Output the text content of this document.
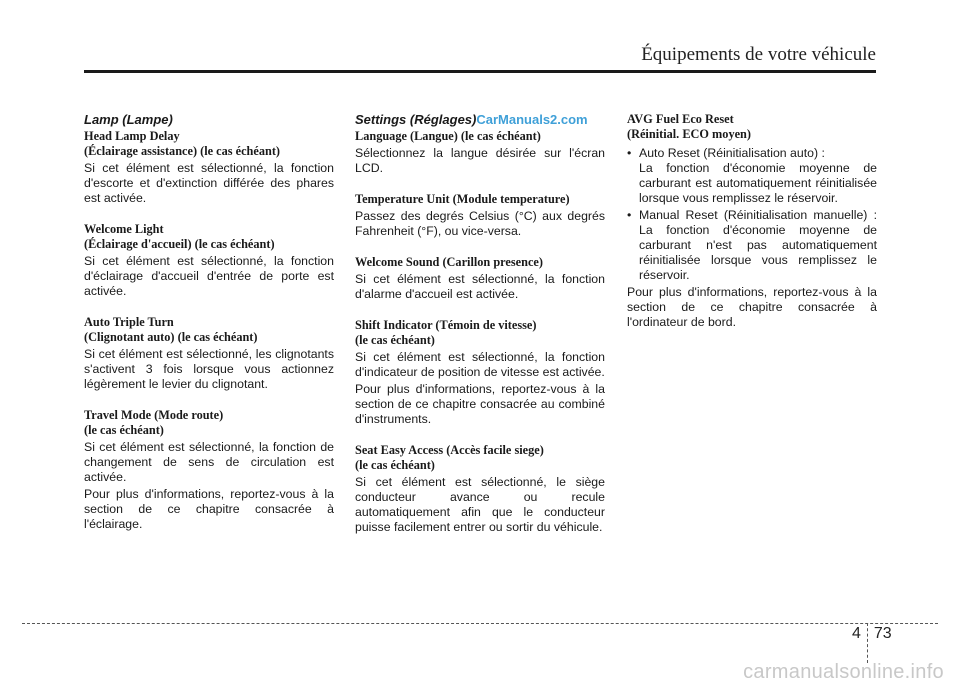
Équipements de votre véhicule
Lamp (Lampe)

Head Lamp Delay

(Éclairage assistance) (le cas échéant)

Si cet élément est sélectionné, la fonction d'escorte et d'extinction différée des phares est activée.

Welcome Light

(Éclairage d'accueil) (le cas échéant)

Si cet élément est sélectionné, la fonction d'éclairage d'accueil d'entrée de porte est activée.

Auto Triple Turn

(Clignotant auto) (le cas échéant)

Si cet élément est sélectionné, les clignotants s'activent 3 fois lorsque vous actionnez légèrement le levier du clignotant.

Travel Mode (Mode route)

(le cas échéant)

Si cet élément est sélectionné, la fonction de changement de sens de circulation est activée.

Pour plus d'informations, reportez-vous à la section de ce chapitre consacrée à l'éclairage.

Settings (Réglages)CarManuals2.com

Language (Langue) (le cas échéant)

Sélectionnez la langue désirée sur l'écran LCD.

Temperature Unit (Module temperature)

Passez des degrés Celsius (°C) aux degrés Fahrenheit (°F), ou vice-versa.

Welcome Sound (Carillon presence)

Si cet élément est sélectionné, la fonction d'alarme d'accueil est activée.

Shift Indicator (Témoin de vitesse)

(le cas échéant)

Si cet élément est sélectionné, la fonction d'indicateur de position de vitesse est activée.

Pour plus d'informations, reportez-vous à la section de ce chapitre consacrée au combiné d'instruments.

Seat Easy Access (Accès facile siege)

(le cas échéant)

Si cet élément est sélectionné, le siège conducteur avance ou recule automatiquement afin que le conducteur puisse facilement entrer ou sortir du véhicule.

AVG Fuel Eco Reset

(Réinitial. ECO moyen)

• Auto Reset (Réinitialisation auto) :
La fonction d'économie moyenne de carburant est automatiquement réinitialisée lorsque vous remplissez le réservoir.
• Manual Reset (Réinitialisation manuelle) : La fonction d'économie moyenne de carburant n'est pas automatiquement réinitialisée lorsque vous remplissez le réservoir.

Pour plus d'informations, reportez-vous à la section de ce chapitre consacrée à l'ordinateur de bord.

4 73
carmanualsonline.info
